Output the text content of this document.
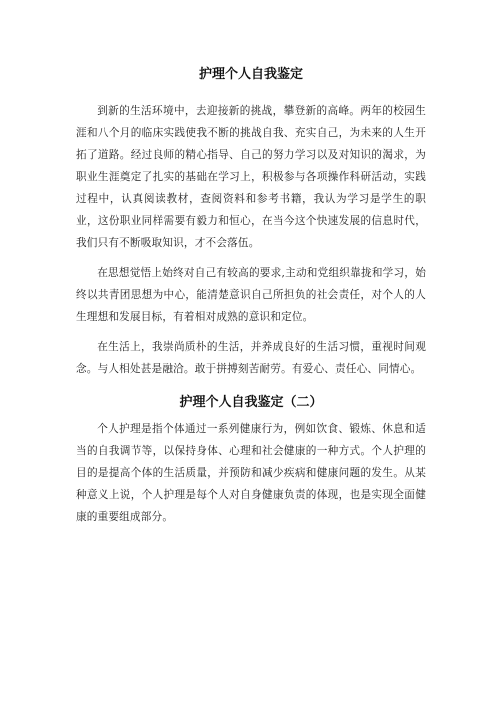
护理个人自我鉴定

到新的生活环境中，去迎接新的挑战，攀登新的高峰。两年的校园生涯和八个月的临床实践使我不断的挑战自我、充实自己，为未来的人生开拓了道路。经过良师的精心指导、自己的努力学习以及对知识的渴求，为职业生涯奠定了扎实的基础在学习上，积极参与各项操作科研活动，实践过程中，认真阅读教材，查阅资料和参考书籍，我认为学习是学生的职业，这份职业同样需要有毅力和恒心，在当今这个快速发展的信息时代，我们只有不断吸取知识，才不会落伍。

在思想觉悟上始终对自己有较高的要求,主动和党组织靠拢和学习，始终以共青团思想为中心，能清楚意识自己所担负的社会责任，对个人的人生理想和发展目标，有着相对成熟的意识和定位。

在生活上，我崇尚质朴的生活，并养成良好的生活习惯，重视时间观念。与人相处甚是融洽。敢于拼搏刻苦耐劳。有爱心、责任心、同情心。

护理个人自我鉴定（二）

个人护理是指个体通过一系列健康行为，例如饮食、锻炼、休息和适当的自我调节等，以保持身体、心理和社会健康的一种方式。个人护理的目的是提高个体的生活质量，并预防和减少疾病和健康问题的发生。从某种意义上说，个人护理是每个人对自身健康负责的体现，也是实现全面健康的重要组成部分。
